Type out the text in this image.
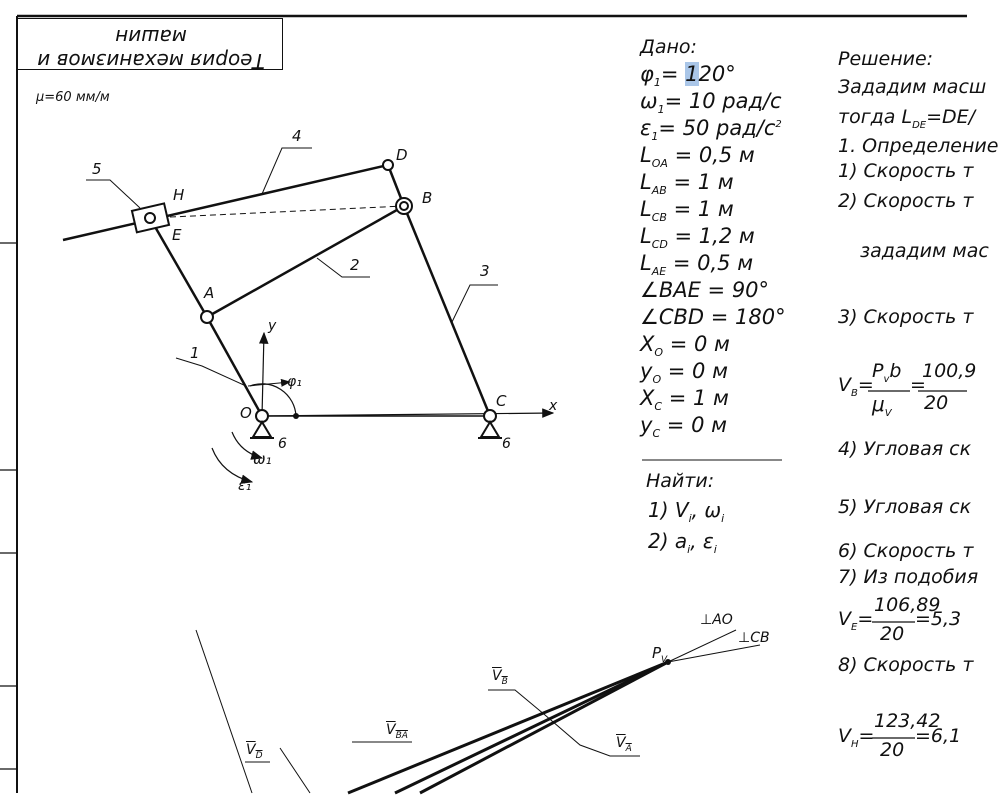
Теория механизмов и машин
μ=60 мм/м
D
B
H
E
A
O
C
5
4
2	3
1
6	6
y
x
φ₁
ω₁
ε₁
Дано:
$\varphi_1= 120^\circ$
$\omega_1= 10$ рад/с
$\varepsilon_1= 50$ рад/$с^2$
$L_{OA} = 0,5$ м
$L_{AB} = 1$ м
$L_{CB} = 1$ м
$L_{CD} = 1,2$ м
$L_{AE} = 0,5$ м
∠BAE = 90°
∠CBD = 180°
$X_O = 0$ м
$y_O = 0$ м
$X_C = 1$ м
$y_C = 0$ м
Найти:
1) $V_i$, $\omega_i$
2) $a_i$, $\varepsilon_i$
Решение:
Зададим масш
тогда $L_{DE}=DE/$
1. Определение
1) Скорость т
2) Скорость т
зададим мас
3) Скорость т
$V_B=$
$P_vb$
$\mu_V$
=
100,9
20
4) Угловая ск
5) Угловая ск
6) Скорость т
7) Из подобия
$V_E=$
106,89
20
=5,3
8) Скорость т
$V_H=$
123,42
20
=6,1
$P_V$
⊥AO
⊥CB
$V_B$
$V_{BA}$	$V_A$
$V_D$
